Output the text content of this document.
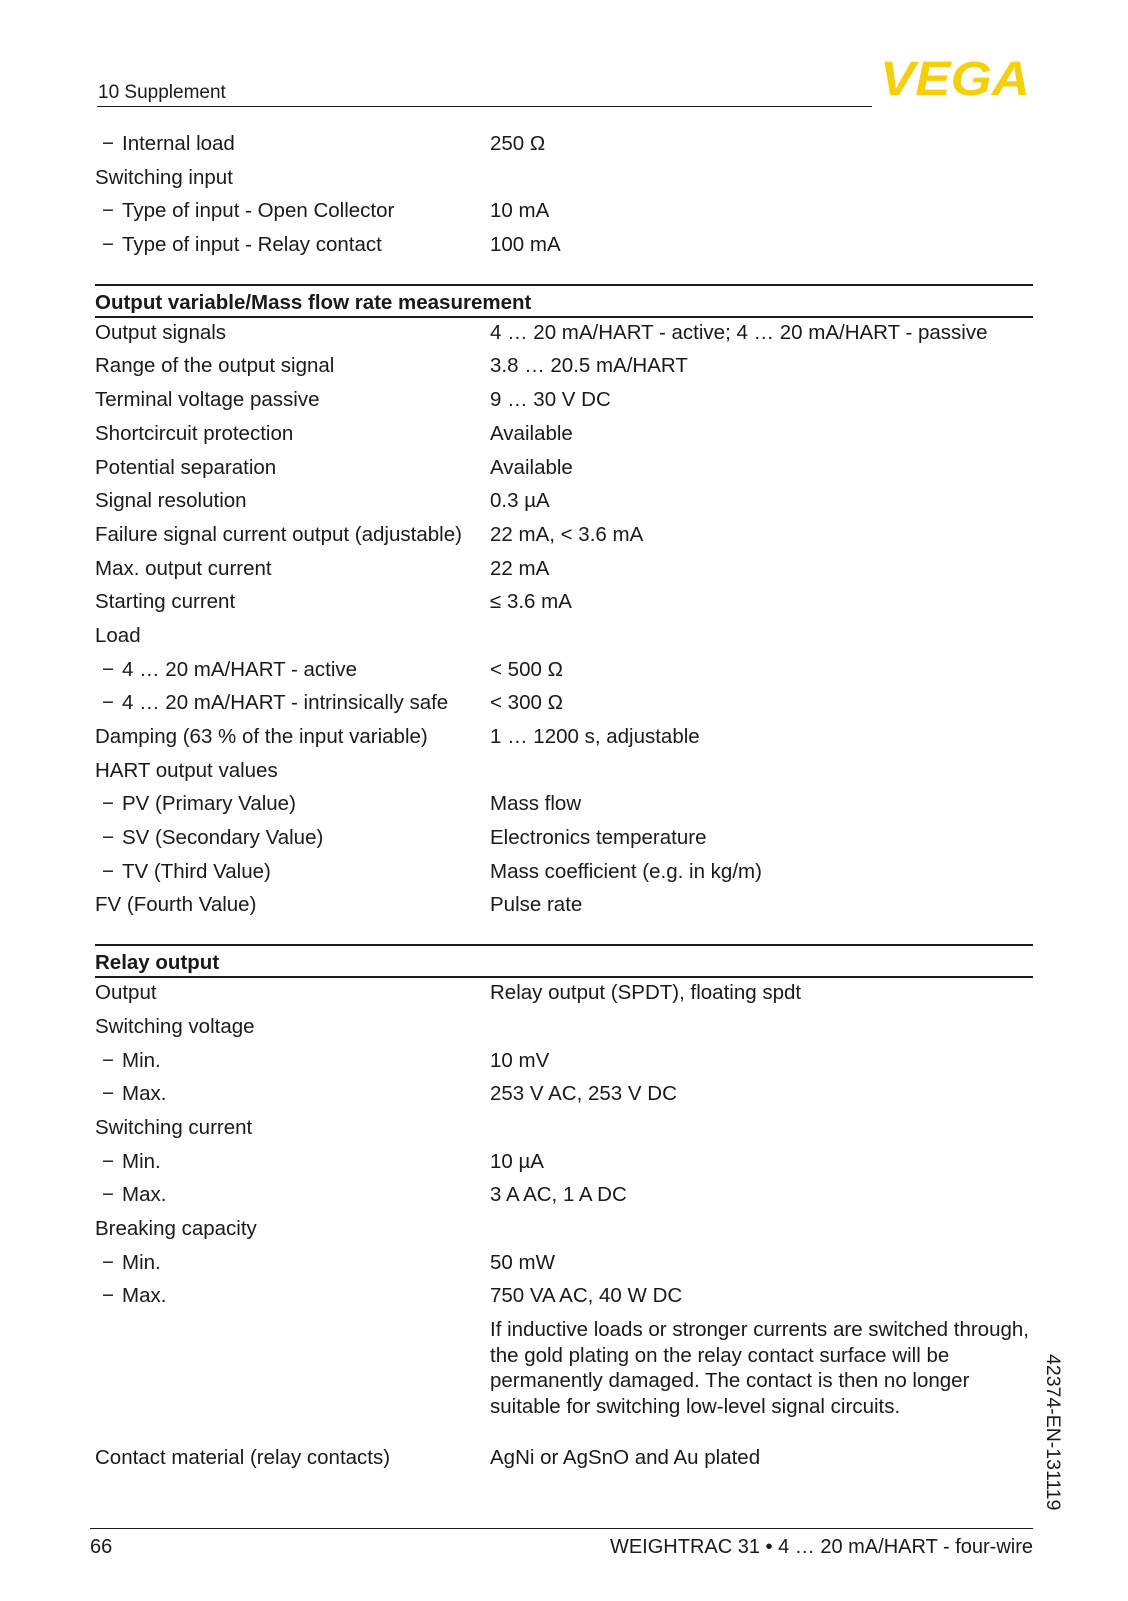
10 Supplement	VEGA
− Internal load	250 Ω
Switching input
− Type of input - Open Collector	10 mA
− Type of input - Relay contact	100 mA
Output variable/Mass flow rate measurement
Output signals	4 … 20 mA/HART - active; 4 … 20 mA/HART - passive
Range of the output signal	3.8 … 20.5 mA/HART
Terminal voltage passive	9 … 30 V DC
Shortcircuit protection	Available
Potential separation	Available
Signal resolution	0.3 µA
Failure signal current output (adjustable) 22 mA, < 3.6 mA
Max. output current	22 mA
Starting current	≤ 3.6 mA
Load
− 4 … 20 mA/HART - active	< 500 Ω
− 4 … 20 mA/HART - intrinsically safe < 300 Ω
Damping (63 % of the input variable)	1 … 1200 s, adjustable
HART output values
− PV (Primary Value)	Mass flow
− SV (Secondary Value)	Electronics temperature
− TV (Third Value)	Mass coefficient (e.g. in kg/m)
FV (Fourth Value)	Pulse rate
Relay output
Output	Relay output (SPDT), floating spdt
Switching voltage
− Min.	10 mV
− Max.	253 V AC, 253 V DC
Switching current
− Min.	10 µA
− Max.	3 A AC, 1 A DC
Breaking capacity
− Min.	50 mW
− Max.	750 VA AC, 40 W DC
If inductive loads or stronger currents are switched through, the gold plating on the relay contact surface will be permanently damaged. The contact is then no longer suitable for switching low-level signal circuits.
Contact material (relay contacts)	AgNi or AgSnO and Au plated	42374-EN-131119
66	WEIGHTRAC 31 • 4 … 20 mA/HART - four-wire
